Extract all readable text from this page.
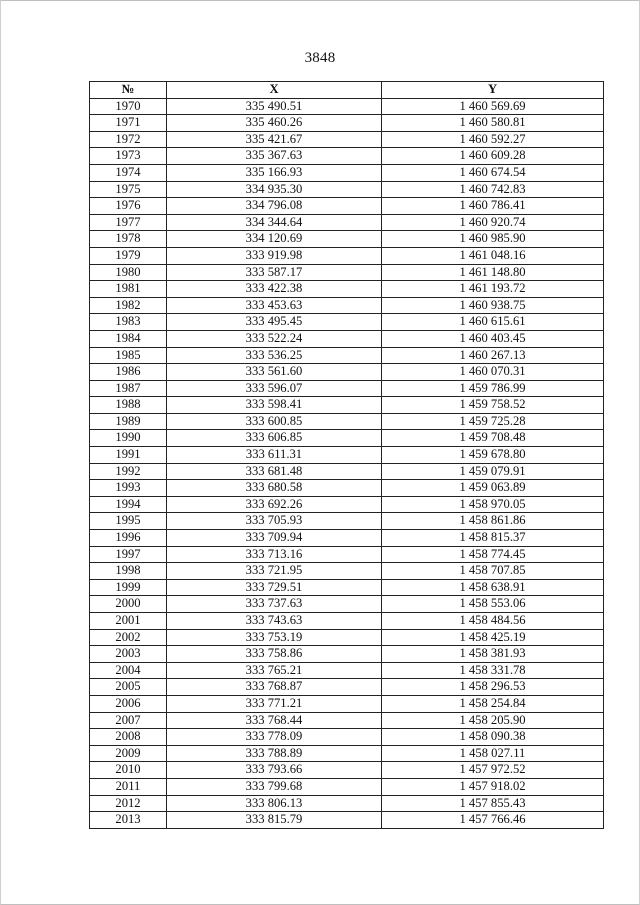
3848
№	X	Y
1970	335 490.51	1 460 569.69
1971	335 460.26	1 460 580.81
1972	335 421.67	1 460 592.27
1973	335 367.63	1 460 609.28
1974	335 166.93	1 460 674.54
1975	334 935.30	1 460 742.83
1976	334 796.08	1 460 786.41
1977	334 344.64	1 460 920.74
1978	334 120.69	1 460 985.90
1979	333 919.98	1 461 048.16
1980	333 587.17	1 461 148.80
1981	333 422.38	1 461 193.72
1982	333 453.63	1 460 938.75
1983	333 495.45	1 460 615.61
1984	333 522.24	1 460 403.45
1985	333 536.25	1 460 267.13
1986	333 561.60	1 460 070.31
1987	333 596.07	1 459 786.99
1988	333 598.41	1 459 758.52
1989	333 600.85	1 459 725.28
1990	333 606.85	1 459 708.48
1991	333 611.31	1 459 678.80
1992	333 681.48	1 459 079.91
1993	333 680.58	1 459 063.89
1994	333 692.26	1 458 970.05
1995	333 705.93	1 458 861.86
1996	333 709.94	1 458 815.37
1997	333 713.16	1 458 774.45
1998	333 721.95	1 458 707.85
1999	333 729.51	1 458 638.91
2000	333 737.63	1 458 553.06
2001	333 743.63	1 458 484.56
2002	333 753.19	1 458 425.19
2003	333 758.86	1 458 381.93
2004	333 765.21	1 458 331.78
2005	333 768.87	1 458 296.53
2006	333 771.21	1 458 254.84
2007	333 768.44	1 458 205.90
2008	333 778.09	1 458 090.38
2009	333 788.89	1 458 027.11
2010	333 793.66	1 457 972.52
2011	333 799.68	1 457 918.02
2012	333 806.13	1 457 855.43
2013	333 815.79	1 457 766.46
